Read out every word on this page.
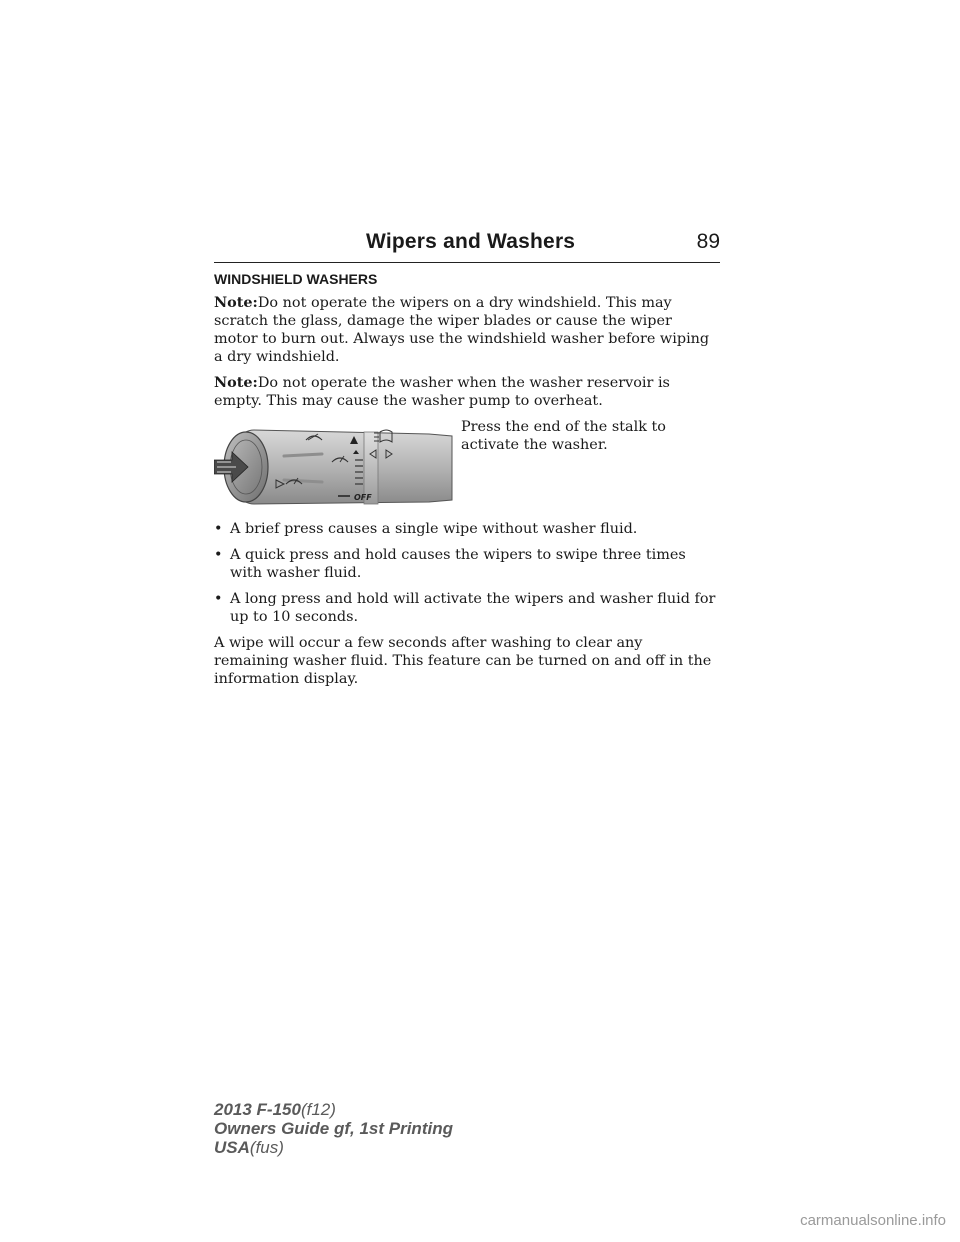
Wipers and Washers	89
WINDSHIELD WASHERS

Note:Do not operate the wipers on a dry windshield. This may scratch the glass, damage the wiper blades or cause the wiper motor to burn out. Always use the windshield washer before wiping a dry windshield.

Note:Do not operate the washer when the washer reservoir is empty. This may cause the washer pump to overheat.

OFF
Press the end of the stalk to activate the washer.
• A brief press causes a single wipe without washer fluid.
• A quick press and hold causes the wipers to swipe three times with washer fluid.
• A long press and hold will activate the wipers and washer fluid for up to 10 seconds.

A wipe will occur a few seconds after washing to clear any remaining washer fluid. This feature can be turned on and off in the information display.

2013 F-150(f12)
Owners Guide gf, 1st Printing
USA(fus)
carmanualsonline.info
